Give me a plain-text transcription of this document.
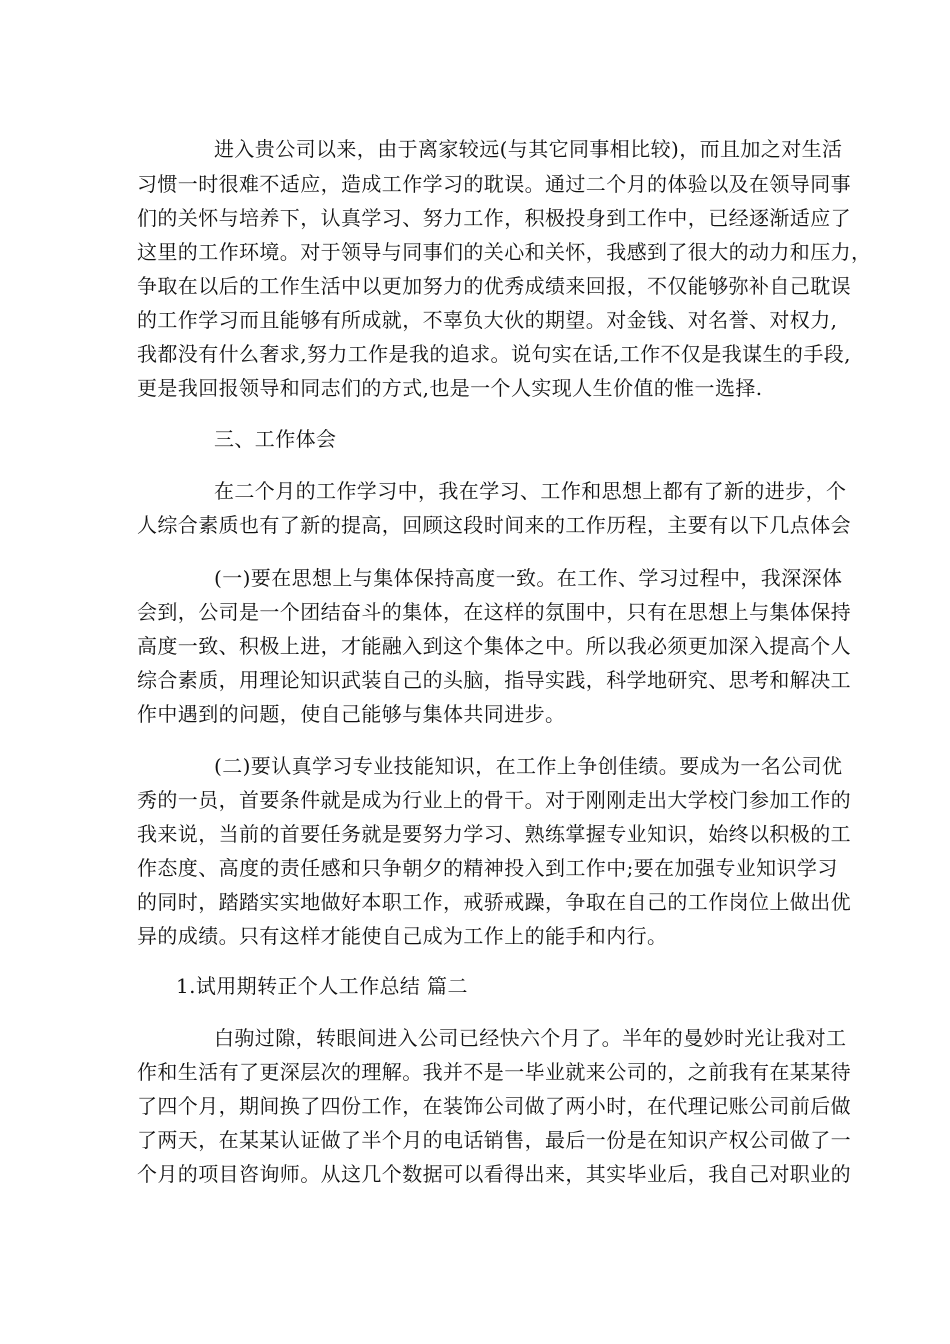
进入贵公司以来，由于离家较远(与其它同事相比较)，而且加之对生活
习惯一时很难不适应，造成工作学习的耽误。通过二个月的体验以及在领导同事
们的关怀与培养下，认真学习、努力工作，积极投身到工作中，已经逐渐适应了
这里的工作环境。对于领导与同事们的关心和关怀，我感到了很大的动力和压力，
争取在以后的工作生活中以更加努力的优秀成绩来回报，不仅能够弥补自己耽误
的工作学习而且能够有所成就，不辜负大伙的期望。对金钱、对名誉、对权力,
我都没有什么奢求,努力工作是我的追求。说句实在话,工作不仅是我谋生的手段,
更是我回报领导和同志们的方式,也是一个人实现人生价值的惟一选择.
三、工作体会
在二个月的工作学习中，我在学习、工作和思想上都有了新的进步，个
人综合素质也有了新的提高，回顾这段时间来的工作历程，主要有以下几点体会
(一)要在思想上与集体保持高度一致。在工作、学习过程中，我深深体
会到，公司是一个团结奋斗的集体，在这样的氛围中，只有在思想上与集体保持
高度一致、积极上进，才能融入到这个集体之中。所以我必须更加深入提高个人
综合素质，用理论知识武装自己的头脑，指导实践，科学地研究、思考和解决工
作中遇到的问题，使自己能够与集体共同进步。
(二)要认真学习专业技能知识，在工作上争创佳绩。要成为一名公司优
秀的一员，首要条件就是成为行业上的骨干。对于刚刚走出大学校门参加工作的
我来说，当前的首要任务就是要努力学习、熟练掌握专业知识，始终以积极的工
作态度、高度的责任感和只争朝夕的精神投入到工作中;要在加强专业知识学习
的同时，踏踏实实地做好本职工作，戒骄戒躁，争取在自己的工作岗位上做出优
异的成绩。只有这样才能使自己成为工作上的能手和内行。
1.试用期转正个人工作总结 篇二
白驹过隙，转眼间进入公司已经快六个月了。半年的曼妙时光让我对工
作和生活有了更深层次的理解。我并不是一毕业就来公司的，之前我有在某某待
了四个月，期间换了四份工作，在装饰公司做了两小时，在代理记账公司前后做
了两天，在某某认证做了半个月的电话销售，最后一份是在知识产权公司做了一
个月的项目咨询师。从这几个数据可以看得出来，其实毕业后，我自己对职业的
